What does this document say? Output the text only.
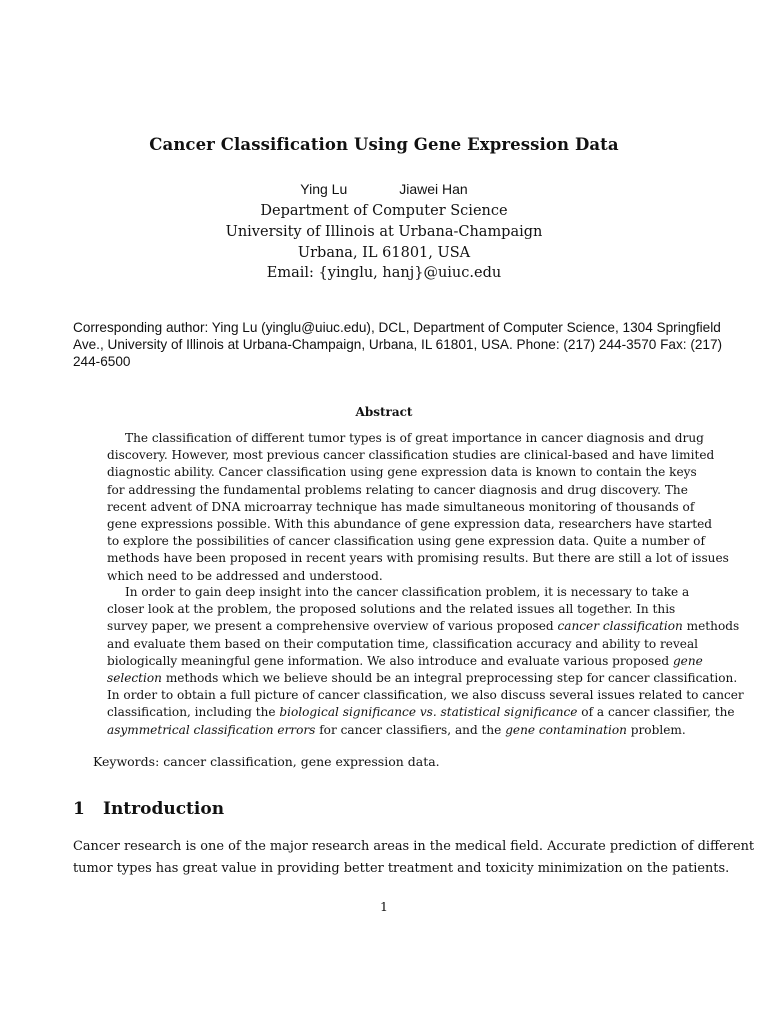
Cancer Classification Using Gene Expression Data
Ying Lu	Jiawei Han
Department of Computer Science
University of Illinois at Urbana-Champaign
Urbana, IL 61801, USA
Email: {yinglu, hanj}@uiuc.edu
Corresponding author: Ying Lu (yinglu@uiuc.edu), DCL, Department of Computer Science, 1304 Springfield
Ave., University of Illinois at Urbana-Champaign, Urbana, IL 61801, USA. Phone: (217) 244-3570 Fax: (217)
244-6500
Abstract
The classification of different tumor types is of great importance in cancer diagnosis and drug
discovery. However, most previous cancer classification studies are clinical-based and have limited
diagnostic ability. Cancer classification using gene expression data is known to contain the keys
for addressing the fundamental problems relating to cancer diagnosis and drug discovery. The
recent advent of DNA microarray technique has made simultaneous monitoring of thousands of
gene expressions possible. With this abundance of gene expression data, researchers have started
to explore the possibilities of cancer classification using gene expression data. Quite a number of
methods have been proposed in recent years with promising results. But there are still a lot of issues
which need to be addressed and understood.
In order to gain deep insight into the cancer classification problem, it is necessary to take a
closer look at the problem, the proposed solutions and the related issues all together. In this
survey paper, we present a comprehensive overview of various proposed cancer classification methods
and evaluate them based on their computation time, classification accuracy and ability to reveal
biologically meaningful gene information. We also introduce and evaluate various proposed gene
selection methods which we believe should be an integral preprocessing step for cancer classification.
In order to obtain a full picture of cancer classification, we also discuss several issues related to cancer
classification, including the biological significance vs. statistical significance of a cancer classifier, the
asymmetrical classification errors for cancer classifiers, and the gene contamination problem.
Keywords: cancer classification, gene expression data.
1 Introduction
Cancer research is one of the major research areas in the medical field. Accurate prediction of different
tumor types has great value in providing better treatment and toxicity minimization on the patients.
1
